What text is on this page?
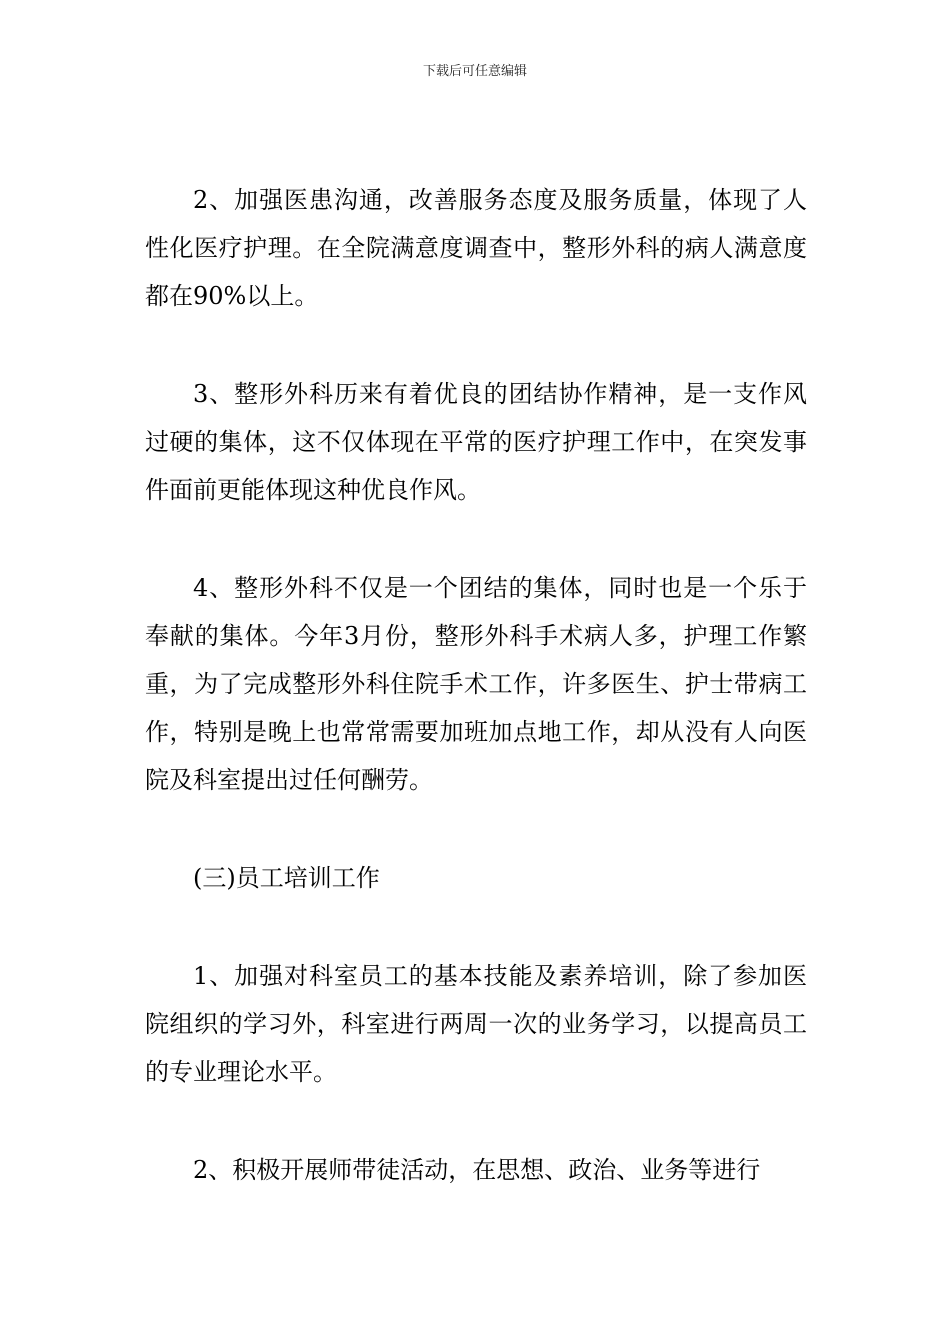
下载后可任意编辑

2、加强医患沟通，改善服务态度及服务质量，体现了人性化医疗护理。在全院满意度调查中，整形外科的病人满意度都在90%以上。

3、整形外科历来有着优良的团结协作精神，是一支作风过硬的集体，这不仅体现在平常的医疗护理工作中，在突发事件面前更能体现这种优良作风。

4、整形外科不仅是一个团结的集体，同时也是一个乐于奉献的集体。今年3月份，整形外科手术病人多，护理工作繁重，为了完成整形外科住院手术工作，许多医生、护士带病工作，特别是晚上也常常需要加班加点地工作，却从没有人向医院及科室提出过任何酬劳。

(三)员工培训工作

1、加强对科室员工的基本技能及素养培训，除了参加医院组织的学习外，科室进行两周一次的业务学习，以提高员工的专业理论水平。

2、积极开展师带徒活动，在思想、政治、业务等进行
